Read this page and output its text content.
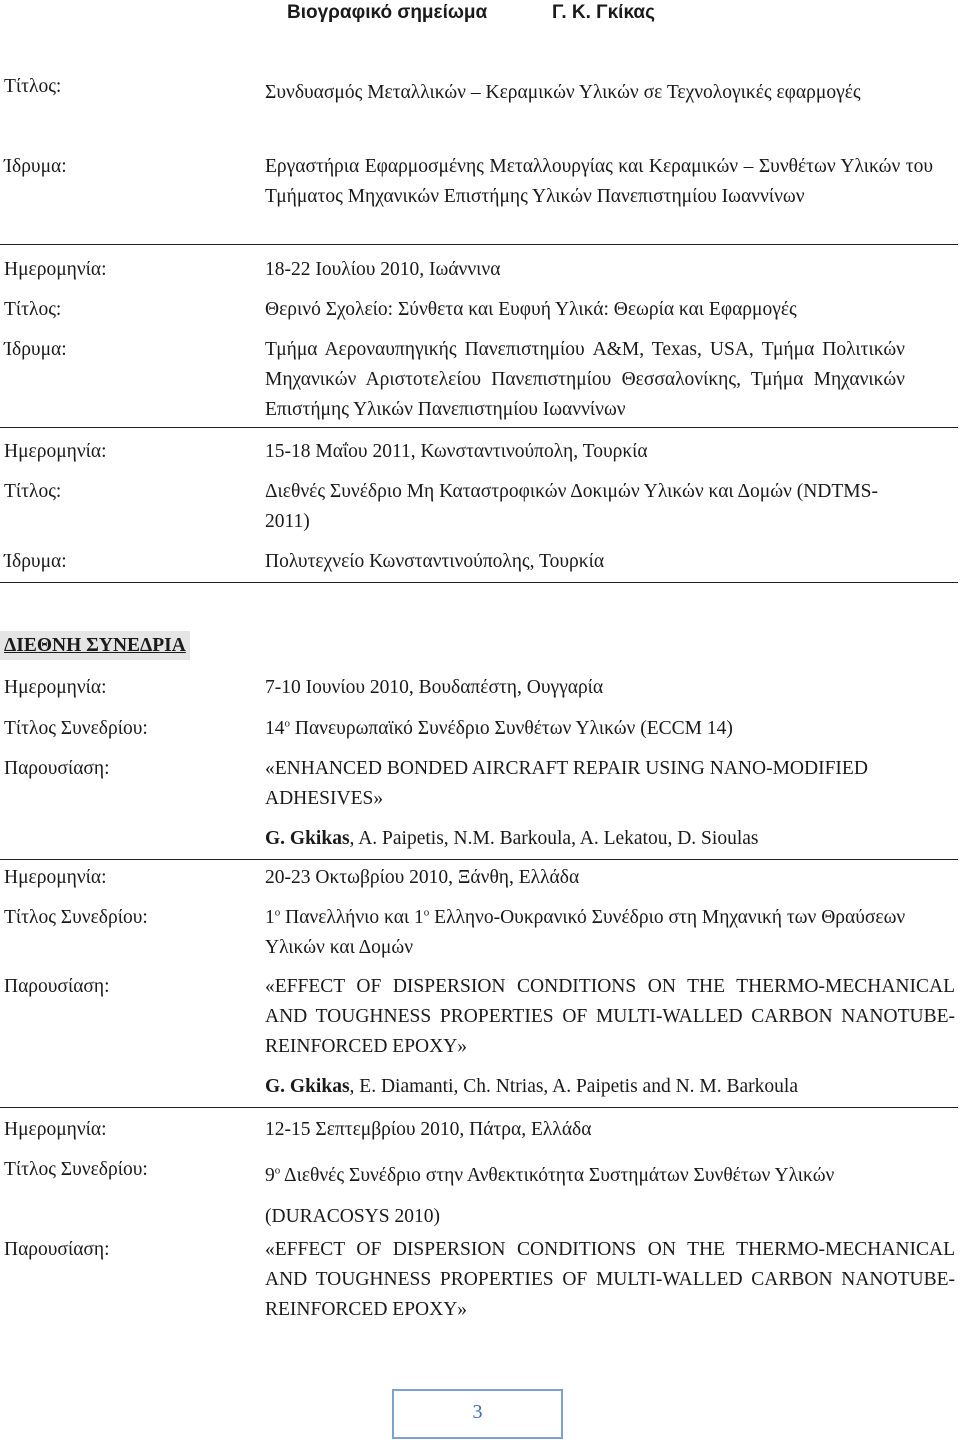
Βιογραφικό σημείωμα	Γ. Κ. Γκίκας
Τίτλος:	Συνδυασμός Μεταλλικών – Κεραμικών Υλικών σε Τεχνολογικές εφαρμογές
Ίδρυμα:	Εργαστήρια Εφαρμοσμένης Μεταλλουργίας και Κεραμικών – Συνθέτων Υλικών του Τμήματος Μηχανικών Επιστήμης Υλικών Πανεπιστημίου Ιωαννίνων
Ημερομηνία:	18-22 Ιουλίου 2010, Ιωάννινα
Τίτλος:	Θερινό Σχολείο: Σύνθετα και Ευφυή Υλικά: Θεωρία και Εφαρμογές
Ίδρυμα:	Τμήμα Αεροναυπηγικής Πανεπιστημίου A&M, Texas, USA, Τμήμα Πολιτικών Μηχανικών Αριστοτελείου Πανεπιστημίου Θεσσαλονίκης, Τμήμα Μηχανικών Επιστήμης Υλικών Πανεπιστημίου Ιωαννίνων
Ημερομηνία:	15-18 Μαΐου 2011, Κωνσταντινούπολη, Τουρκία
Τίτλος:	Διεθνές Συνέδριο Μη Καταστροφικών Δοκιμών Υλικών και Δομών (NDTMS-2011)
Ίδρυμα:	Πολυτεχνείο Κωνσταντινούπολης, Τουρκία
ΔΙΕΘΝΗ ΣΥΝΕΔΡΙΑ
Ημερομηνία:	7-10 Ιουνίου 2010, Βουδαπέστη, Ουγγαρία
Τίτλος Συνεδρίου:	$14^o$ Πανευρωπαϊκό Συνέδριο Συνθέτων Υλικών (ECCM 14)
Παρουσίαση:	«ENHANCED BONDED AIRCRAFT REPAIR USING NANO-MODIFIED ADHESIVES»
G. Gkikas, A. Paipetis, N.M. Barkoula, A. Lekatou, D. Sioulas
Ημερομηνία:	20-23 Οκτωβρίου 2010, Ξάνθη, Ελλάδα
Τίτλος Συνεδρίου:	$1^o$ Πανελλήνιο και $1^o$ Ελληνο-Ουκρανικό Συνέδριο στη Μηχανική των Θραύσεων Υλικών και Δομών
Παρουσίαση:	«EFFECT OF DISPERSION CONDITIONS ON THE THERMO-MECHANICAL AND TOUGHNESS PROPERTIES OF MULTI-WALLED CARBON NANOTUBE-REINFORCED EPOXY»
G. Gkikas, E. Diamanti, Ch. Ntrias, A. Paipetis and N. M. Barkoula
Ημερομηνία:	12-15 Σεπτεμβρίου 2010, Πάτρα, Ελλάδα
Τίτλος Συνεδρίου:	$9^o$ Διεθνές Συνέδριο στην Ανθεκτικότητα Συστημάτων Συνθέτων Υλικών
(DURACOSYS 2010)
Παρουσίαση:	«EFFECT OF DISPERSION CONDITIONS ON THE THERMO-MECHANICAL AND TOUGHNESS PROPERTIES OF MULTI-WALLED CARBON NANOTUBE-REINFORCED EPOXY»
3
